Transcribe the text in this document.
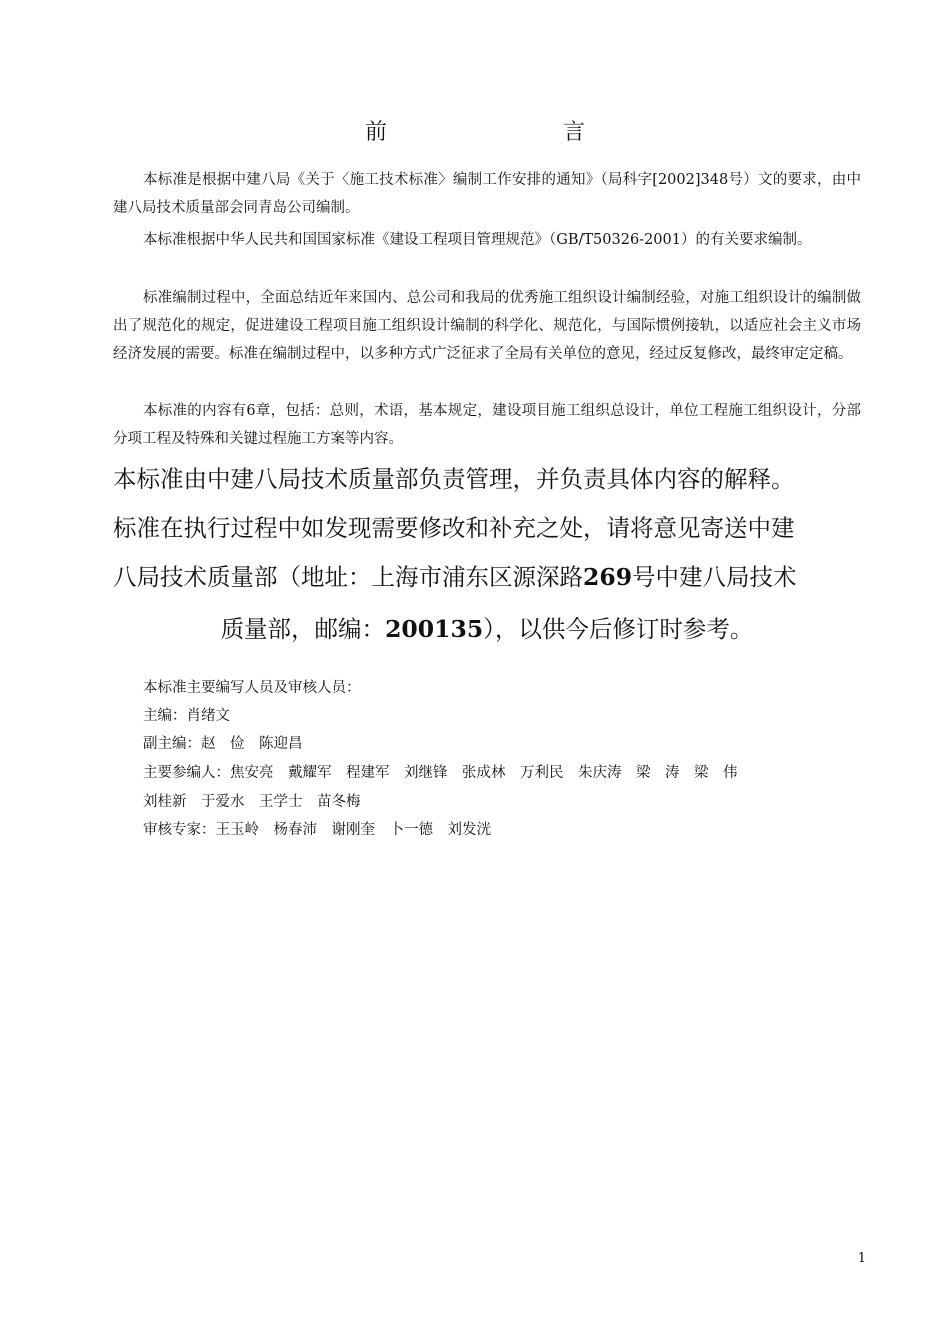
前　　言

本标准是根据中建八局《关于〈施工技术标准〉编制工作安排的通知》（局科字[2002]348号）文的要求，由中建八局技术质量部会同青岛公司编制。

本标准根据中华人民共和国国家标准《建设工程项目管理规范》（GB/T50326-2001）的有关要求编制。

标准编制过程中，全面总结近年来国内、总公司和我局的优秀施工组织设计编制经验，对施工组织设计的编制做出了规范化的规定，促进建设工程项目施工组织设计编制的科学化、规范化，与国际惯例接轨，以适应社会主义市场经济发展的需要。标准在编制过程中，以多种方式广泛征求了全局有关单位的意见，经过反复修改，最终审定定稿。

本标准的内容有6章，包括：总则，术语，基本规定，建设项目施工组织总设计，单位工程施工组织设计，分部分项工程及特殊和关键过程施工方案等内容。

本标准由中建八局技术质量部负责管理，并负责具体内容的解释。

标准在执行过程中如发现需要修改和补充之处，请将意见寄送中建

八局技术质量部（地址：上海市浦东区源深路269号中建八局技术

质量部，邮编：200135），以供今后修订时参考。

本标准主要编写人员及审核人员：

主编：肖绪文

副主编：赵　俭　陈迎昌

主要参编人：焦安亮　戴耀军　程建军　刘继锋　张成林　万利民　朱庆涛　梁　涛　梁　伟

刘桂新　于爱水　王学士　苗冬梅

审核专家：王玉岭　杨春沛　谢刚奎　卜一德　刘发洸

1
